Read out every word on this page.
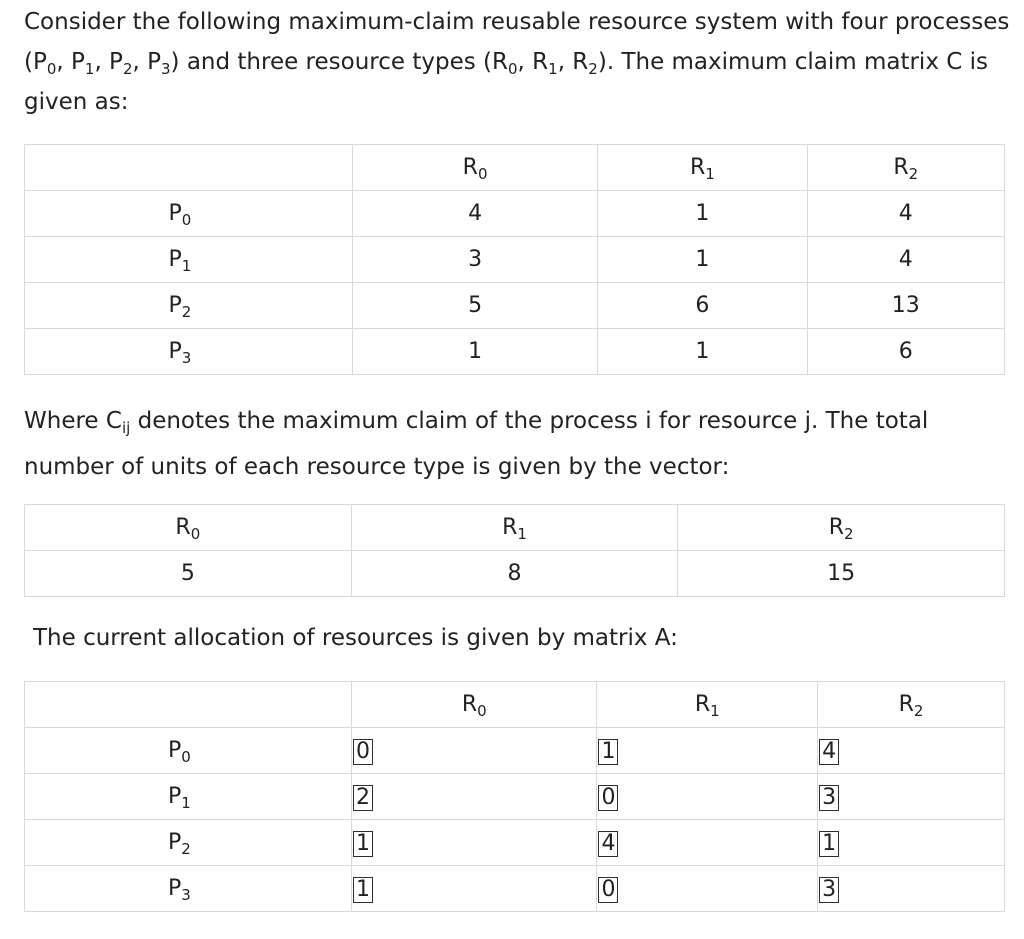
Consider the following maximum-claim reusable resource system with four processes ($P_0$, $P_1$, $P_2$, $P_3$) and three resource types ($R_0$, $R_1$, $R_2$). The maximum claim matrix C is given as:

	$R_0$	$R_1$	$R_2$
$P_0$	4	1	4
$P_1$	3	1	4
$P_2$	5	6	13
$P_3$	1	1	6

Where $C_{ij}$ denotes the maximum claim of the process i for resource j. The total number of units of each resource type is given by the vector:

$R_0$	$R_1$	$R_2$
5	8	15

The current allocation of resources is given by matrix A:

	$R_0$	$R_1$	$R_2$
$P_0$	0	1	4
$P_1$	2	0	3
$P_2$	1	4	1
$P_3$	1	0	3
